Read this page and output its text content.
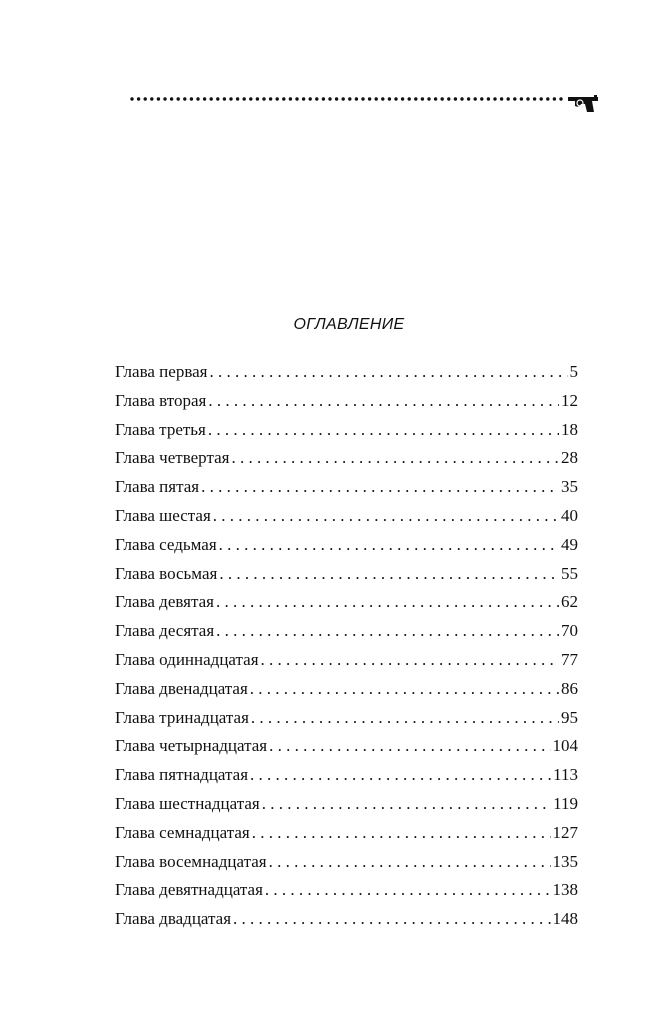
ОГЛАВЛЕНИЕ
Глава первая . . .	5
Глава вторая . . .	12
Глава третья . . .	18
Глава четвертая . . .	28
Глава пятая . . .	35
Глава шестая . . .	40
Глава седьмая . . .	49
Глава восьмая . . .	55
Глава девятая . . .	62
Глава десятая . . .	70
Глава одиннадцатая . . .	77
Глава двенадцатая . . .	86
Глава тринадцатая . . .	95
Глава четырнадцатая . . .	104
Глава пятнадцатая . . .	113
Глава шестнадцатая . . .	119
Глава семнадцатая . . .	127
Глава восемнадцатая . . .	135
Глава девятнадцатая . . .	138
Глава двадцатая . . .	148
